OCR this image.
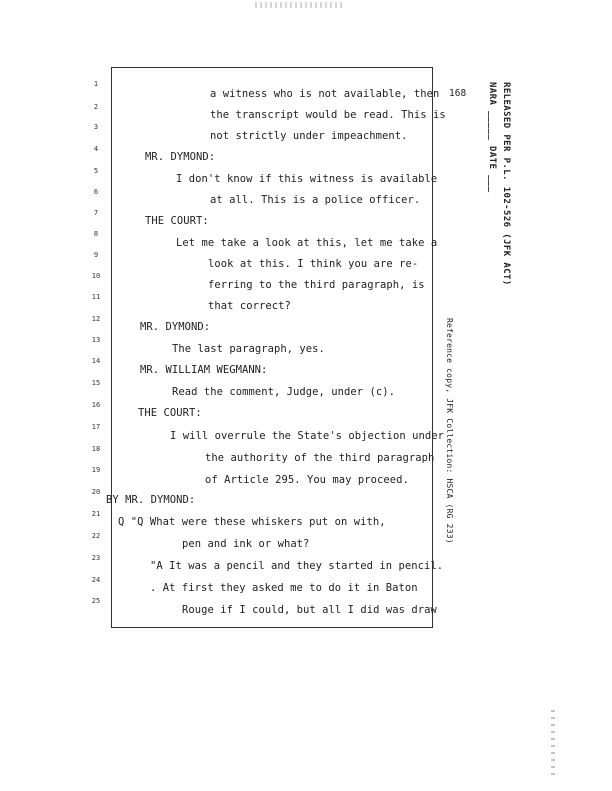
168	RELEASED PER P.L. 102-526 (JFK ACT)
NARA _____ DATE ___
Reference copy, JFK Collection: HSCA (RG 233)
1
2
3
4
5
6
7
8
9
10
11
12
13
14
15
16
17
18
19
20
21
22
23
24
25
a witness who is not available, then
the transcript would be read. This is
not strictly under impeachment.
MR. DYMOND:
I don't know if this witness is available
at all. This is a police officer.
THE COURT:
Let me take a look at this, let me take a
look at this. I think you are re-
ferring to the third paragraph, is
that correct?
MR. DYMOND:
The last paragraph, yes.
MR. WILLIAM WEGMANN:
Read the comment, Judge, under (c).
THE COURT:
I will overrule the State's objection under
the authority of the third paragraph
of Article 295. You may proceed.
BY MR. DYMOND:
Q "Q What were these whiskers put on with,
pen and ink or what?
"A It was a pencil and they started in pencil.
. At first they asked me to do it in Baton
Rouge if I could, but all I did was draw
